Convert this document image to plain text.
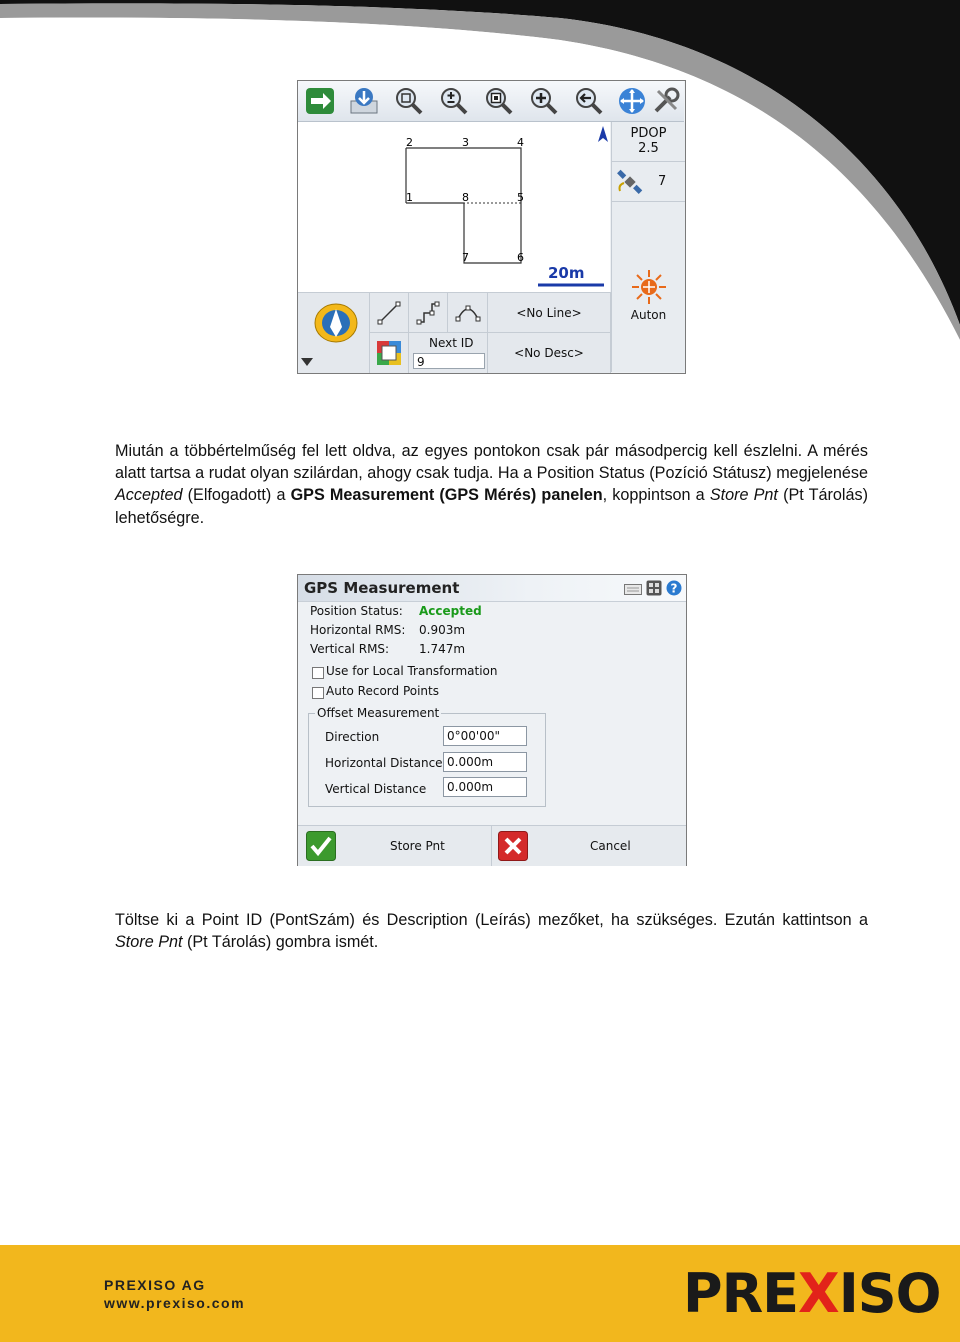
2	3	4
1	8	5
7	6
20m
PDOP
2.5
7
Auton
Next ID
9
<No Line>
<No Desc>

Miután a többértelműség fel lett oldva, az egyes pontokon csak pár másodpercig kell észlelni. A mérés alatt tartsa a rudat olyan szilárdan, ahogy csak tudja. Ha a Position Status (Pozíció Státusz) megjelenése Accepted (Elfogadott) a GPS Measurement (GPS Mérés) panelen, koppintson a Store Pnt (Pt Tárolás) lehetőségre.

GPS Measurement	?
Position Status: Accepted
Horizontal RMS: 0.903m
Vertical RMS: 1.747m
Use for Local Transformation
Auto Record Points
Offset Measurement
Direction	0°00'00"
Horizontal Distance 0.000m
Vertical Distance	0.000m
Store Pnt	Cancel

Töltse ki a Point ID (PontSzám) és Description (Leírás) mezőket, ha szükséges. Ezután kattintson a Store Pnt (Pt Tárolás) gombra ismét.

PREXISO AG
www.prexiso.com	PREXISO
